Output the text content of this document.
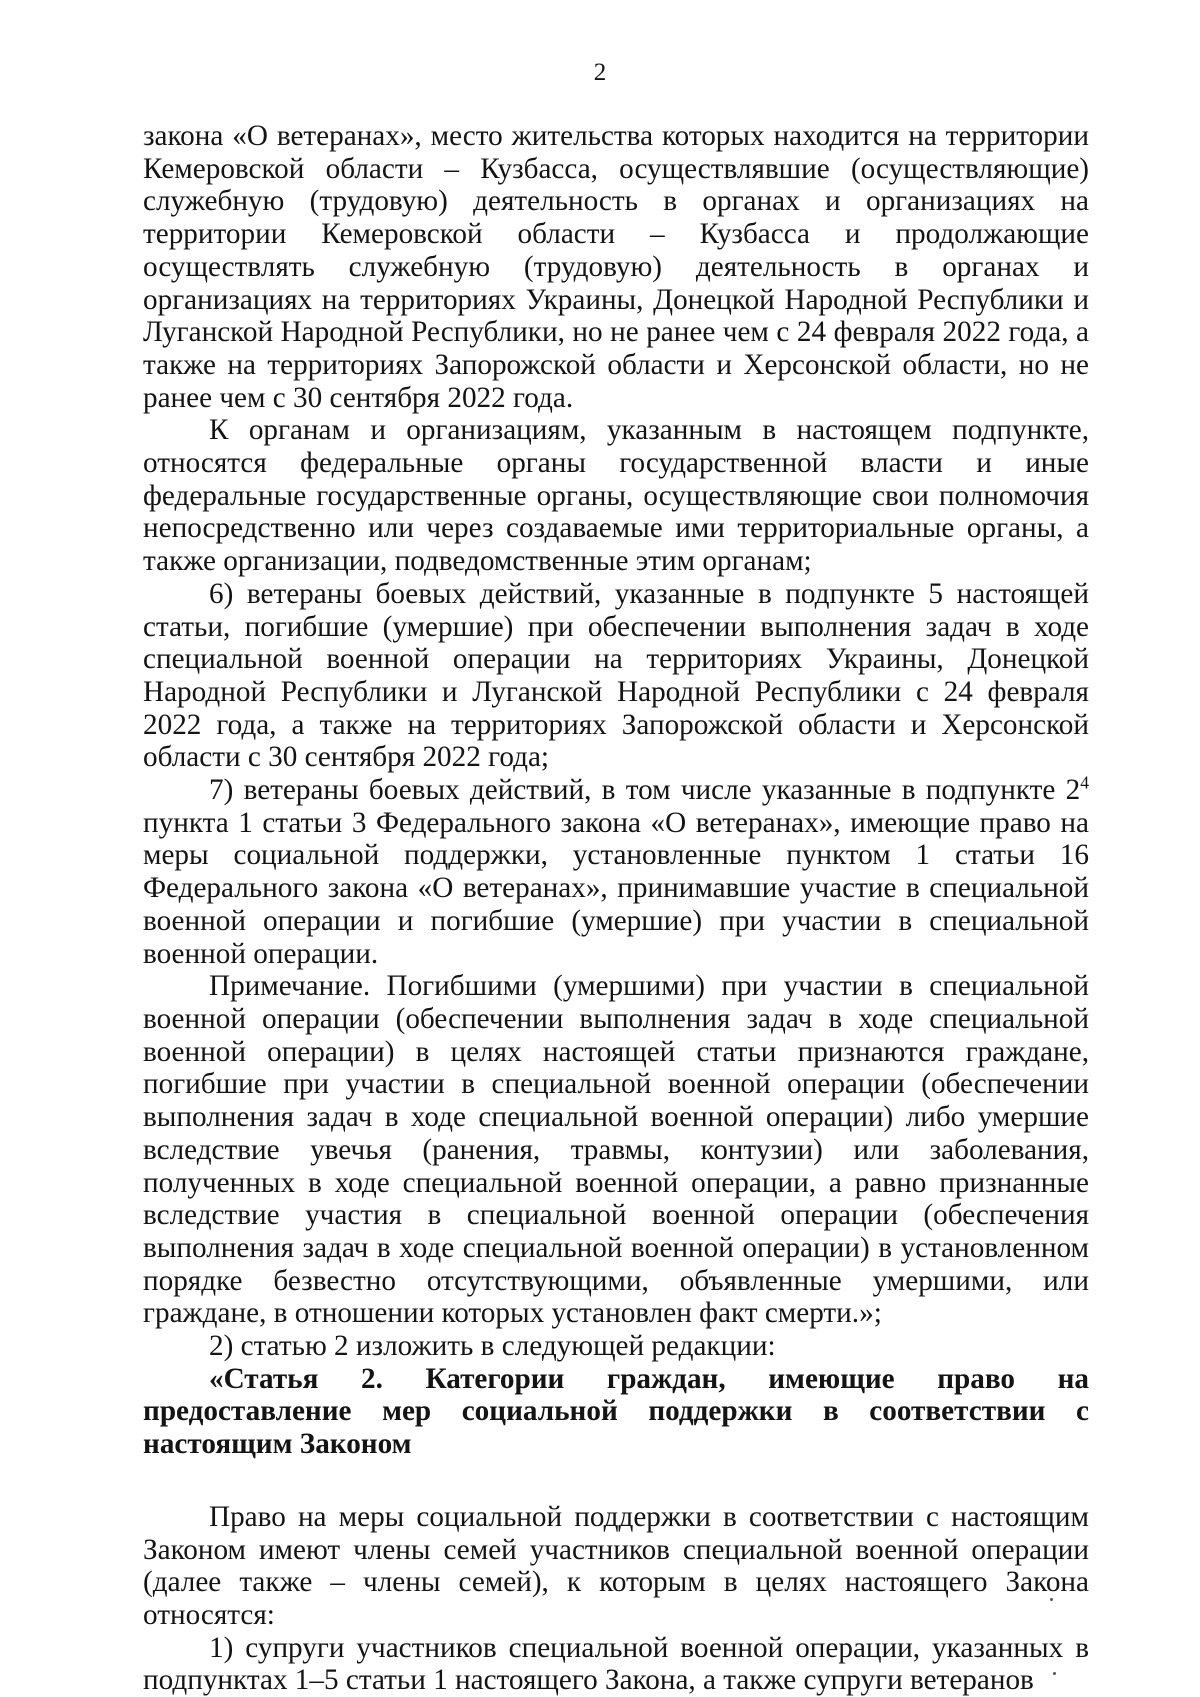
2

закона «О ветеранах», место жительства которых находится на территории Кемеровской области – Кузбасса, осуществлявшие (осуществляющие) служебную (трудовую) деятельность в органах и организациях на территории Кемеровской области – Кузбасса и продолжающие осуществлять служебную (трудовую) деятельность в органах и организациях на территориях Украины, Донецкой Народной Республики и Луганской Народной Республики, но не ранее чем с 24 февраля 2022 года, а также на территориях Запорожской области и Херсонской области, но не ранее чем с 30 сентября 2022 года.

К органам и организациям, указанным в настоящем подпункте, относятся федеральные органы государственной власти и иные федеральные государственные органы, осуществляющие свои полномочия непосредственно или через создаваемые ими территориальные органы, а также организации, подведомственные этим органам;

6) ветераны боевых действий, указанные в подпункте 5 настоящей статьи, погибшие (умершие) при обеспечении выполнения задач в ходе специальной военной операции на территориях Украины, Донецкой Народной Республики и Луганской Народной Республики с 24 февраля 2022 года, а также на территориях Запорожской области и Херсонской области с 30 сентября 2022 года;

7) ветераны боевых действий, в том числе указанные в подпункте $2^4$ пункта 1 статьи 3 Федерального закона «О ветеранах», имеющие право на меры социальной поддержки, установленные пунктом 1 статьи 16 Федерального закона «О ветеранах», принимавшие участие в специальной военной операции и погибшие (умершие) при участии в специальной военной операции.

Примечание. Погибшими (умершими) при участии в специальной военной операции (обеспечении выполнения задач в ходе специальной военной операции) в целях настоящей статьи признаются граждане, погибшие при участии в специальной военной операции (обеспечении выполнения задач в ходе специальной военной операции) либо умершие вследствие увечья (ранения, травмы, контузии) или заболевания, полученных в ходе специальной военной операции, а равно признанные вследствие участия в специальной военной операции (обеспечения выполнения задач в ходе специальной военной операции) в установленном порядке безвестно отсутствующими, объявленные умершими, или граждане, в отношении которых установлен факт смерти.»;

2) статью 2 изложить в следующей редакции:

«Статья 2. Категории граждан, имеющие право на предоставление мер социальной поддержки в соответствии с настоящим Законом

Право на меры социальной поддержки в соответствии с настоящим Законом имеют члены семей участников специальной военной операции (далее также – члены семей), к которым в целях настоящего Закона относятся:

1) супруги участников специальной военной операции, указанных в подпунктах 1–5 статьи 1 настоящего Закона, а также супруги ветеранов
